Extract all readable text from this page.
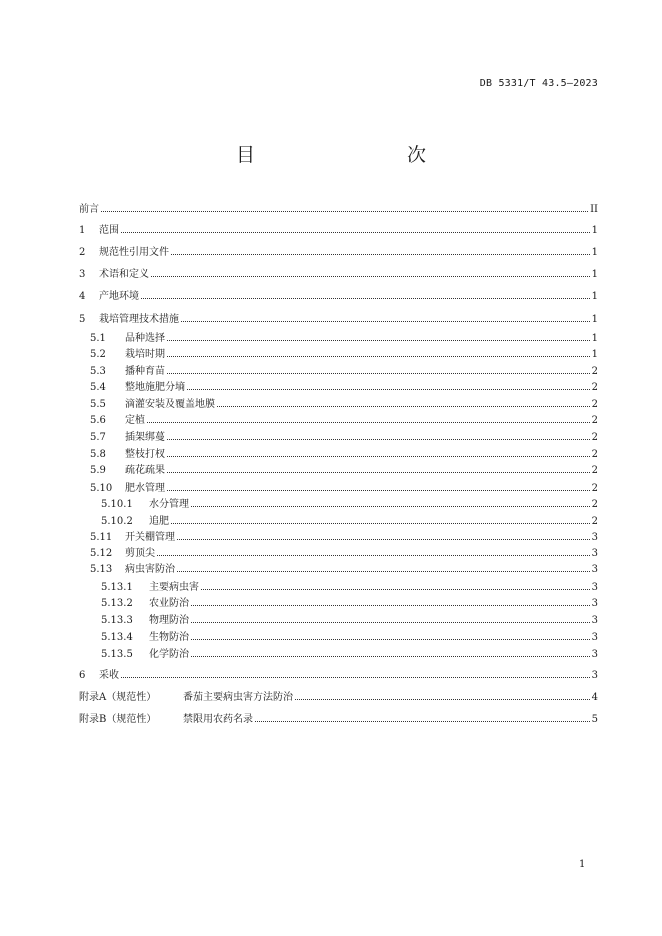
DB 5331/T 43.5—2023
目　　次
前言	II
1	范围	1
2	规范性引用文件	1
3	术语和定义	1
4	产地环境	1
5	栽培管理技术措施	1
5.1	品种选择	1
5.2	栽培时期	1
5.3	播种育苗	2
5.4	整地施肥分墒	2
5.5	滴灌安装及覆盖地膜	2
5.6	定植	2
5.7	插架绑蔓	2
5.8	整枝打杈	2
5.9	疏花疏果	2
5.10	肥水管理	2
5.10.1	水分管理	2
5.10.2	追肥	2
5.11	开关棚管理	3
5.12	剪顶尖	3
5.13	病虫害防治	3
5.13.1	主要病虫害	3
5.13.2	农业防治	3
5.13.3	物理防治	3
5.13.4	生物防治	3
5.13.5	化学防治	3
6	采收	3
附录A（规范性）	番茄主要病虫害方法防治	4
附录B（规范性）	禁限用农药名录	5
1
